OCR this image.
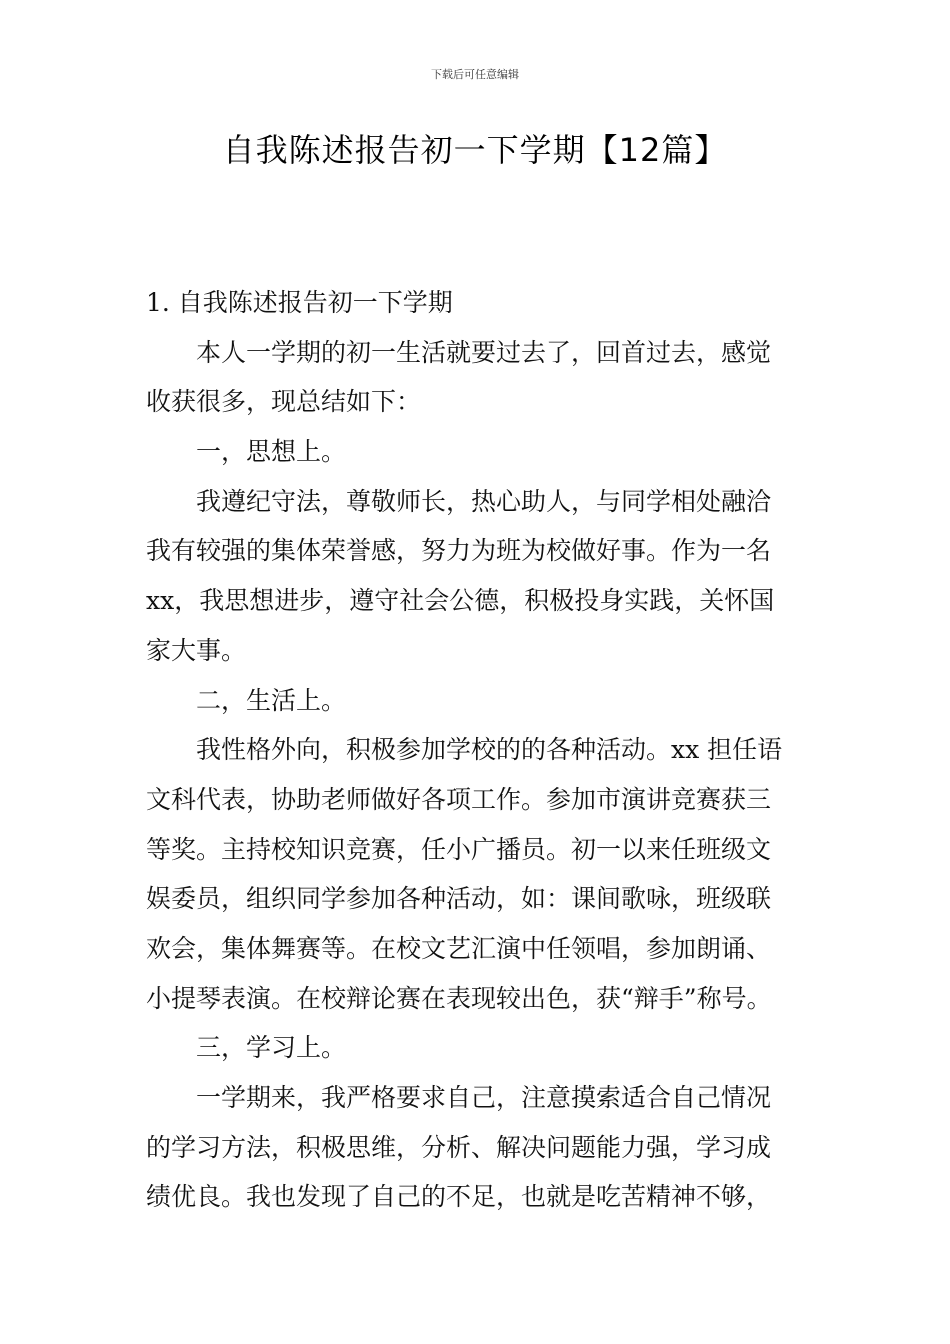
下载后可任意编辑
自我陈述报告初一下学期【12篇】
1. 自我陈述报告初一下学期
本人一学期的初一生活就要过去了，回首过去，感觉
收获很多，现总结如下：
一，思想上。
我遵纪守法，尊敬师长，热心助人，与同学相处融洽
我有较强的集体荣誉感，努力为班为校做好事。作为一名
xx，我思想进步，遵守社会公德，积极投身实践，关怀国
家大事。
二，生活上。
我性格外向，积极参加学校的的各种活动。xx 担任语
文科代表，协助老师做好各项工作。参加市演讲竞赛获三
等奖。主持校知识竞赛，任小广播员。初一以来任班级文
娱委员，组织同学参加各种活动，如：课间歌咏，班级联
欢会，集体舞赛等。在校文艺汇演中任领唱，参加朗诵、
小提琴表演。在校辩论赛在表现较出色，获“辩手”称号。
三，学习上。
一学期来，我严格要求自己，注意摸索适合自己情况
的学习方法，积极思维，分析、解决问题能力强，学习成
绩优良。我也发现了自己的不足，也就是吃苦精神不够，
